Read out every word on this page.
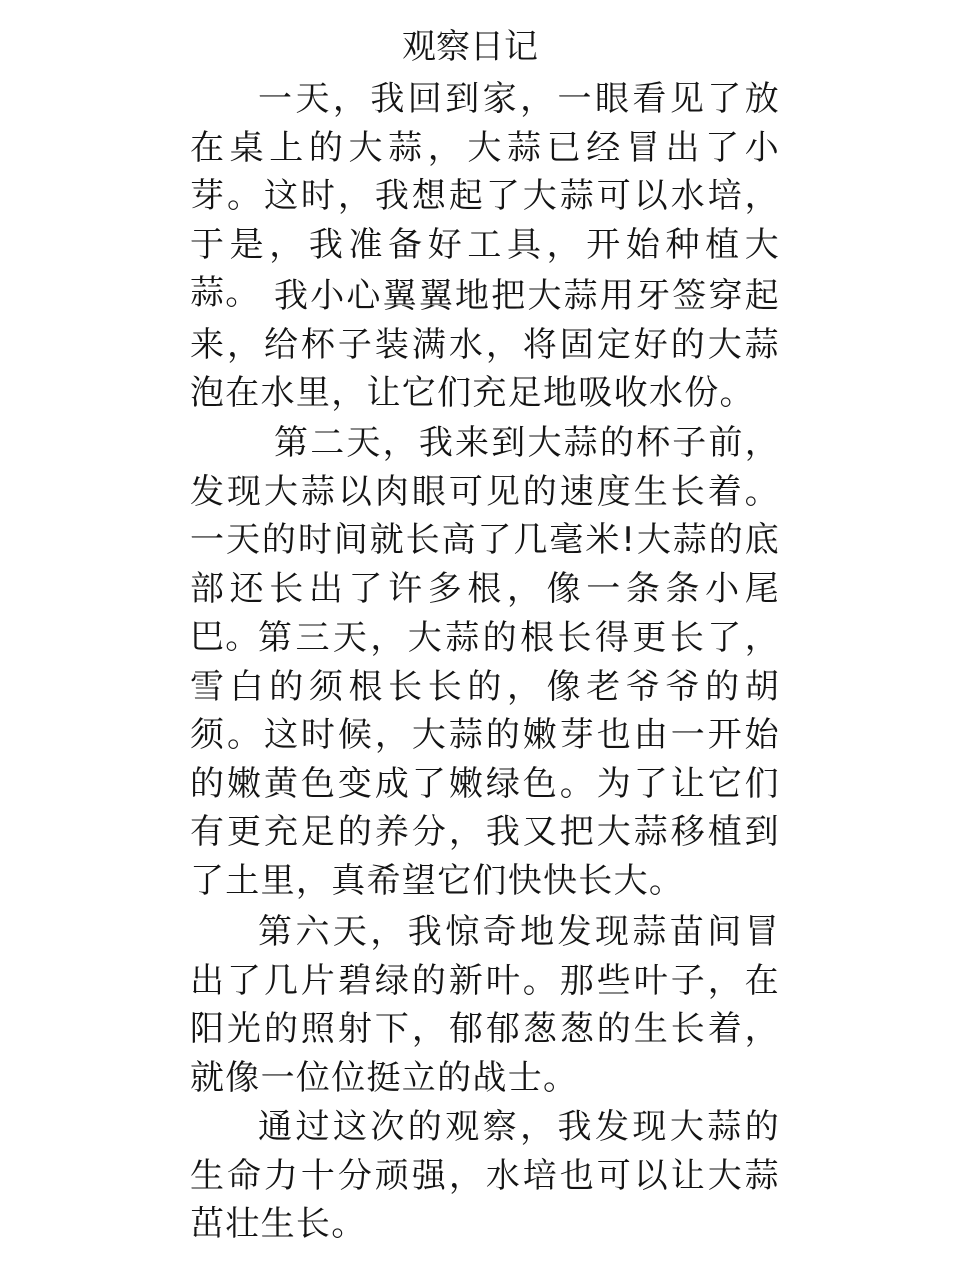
观察日记

一天，我回到家，一眼看见了放在桌上的大蒜，大蒜已经冒出了小芽。这时，我想起了大蒜可以水培，于是，我准备好工具，开始种植大蒜。 我小心翼翼地把大蒜用牙签穿起来，给杯子装满水，将固定好的大蒜泡在水里，让它们充足地吸收水份。

第二天，我来到大蒜的杯子前，发现大蒜以肉眼可见的速度生长着。一天的时间就长高了几毫米!大蒜的底部还长出了许多根，像一条条小尾巴。

第三天，大蒜的根长得更长了，雪白的须根长长的，像老爷爷的胡须。这时候，大蒜的嫩芽也由一开始的嫩黄色变成了嫩绿色。为了让它们有更充足的养分，我又把大蒜移植到了土里，真希望它们快快长大。

第六天，我惊奇地发现蒜苗间冒出了几片碧绿的新叶。那些叶子，在阳光的照射下，郁郁葱葱的生长着，就像一位位挺立的战士。

通过这次的观察，我发现大蒜的生命力十分顽强，水培也可以让大蒜茁壮生长。
